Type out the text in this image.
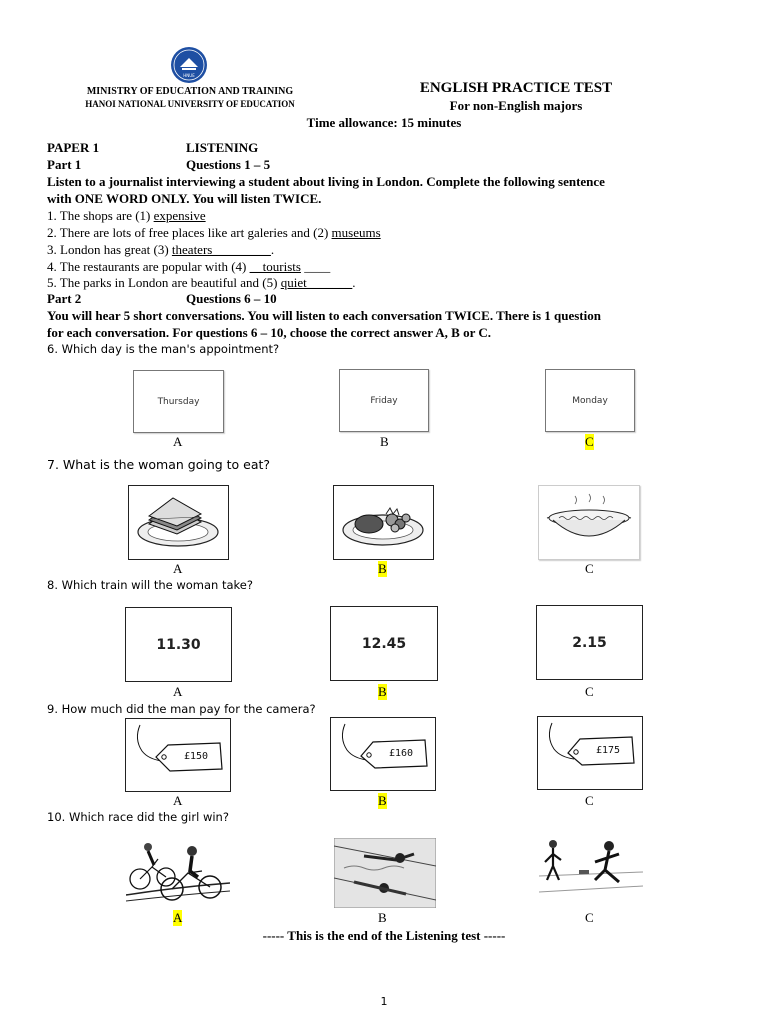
HNUE
MINISTRY OF EDUCATION AND TRAINING
HANOI NATIONAL UNIVERSITY OF EDUCATION
ENGLISH PRACTICE TEST
For non-English majors
Time allowance: 15 minutes
PAPER 1	LISTENING
Part 1	Questions 1 – 5
Listen to a journalist interviewing a student about living in London. Complete the following sentence
with ONE WORD ONLY. You will listen TWICE.
1. The shops are (1) expensive
2. There are lots of free places like art galeries and (2) museums
3. London has great (3) theaters_________.
4. The restaurants are popular with (4) __tourists ____
5. The parks in London are beautiful and (5) quiet_______.
Part 2	Questions 6 – 10
You will hear 5 short conversations. You will listen to each conversation TWICE. There is 1 question
for each conversation. For questions 6 – 10, choose the correct answer A, B or C.
6. Which day is the man's appointment?
Thursday	Friday	Monday
A	B	C
7. What is the woman going to eat?
A	B	C
8. Which train will the woman take?
11.30	12.45	2.15
A	B	C
9. How much did the man pay for the camera?
£150	£160	£175
A	B	C
10. Which race did the girl win?
A	B	C
----- This is the end of the Listening test -----
1
